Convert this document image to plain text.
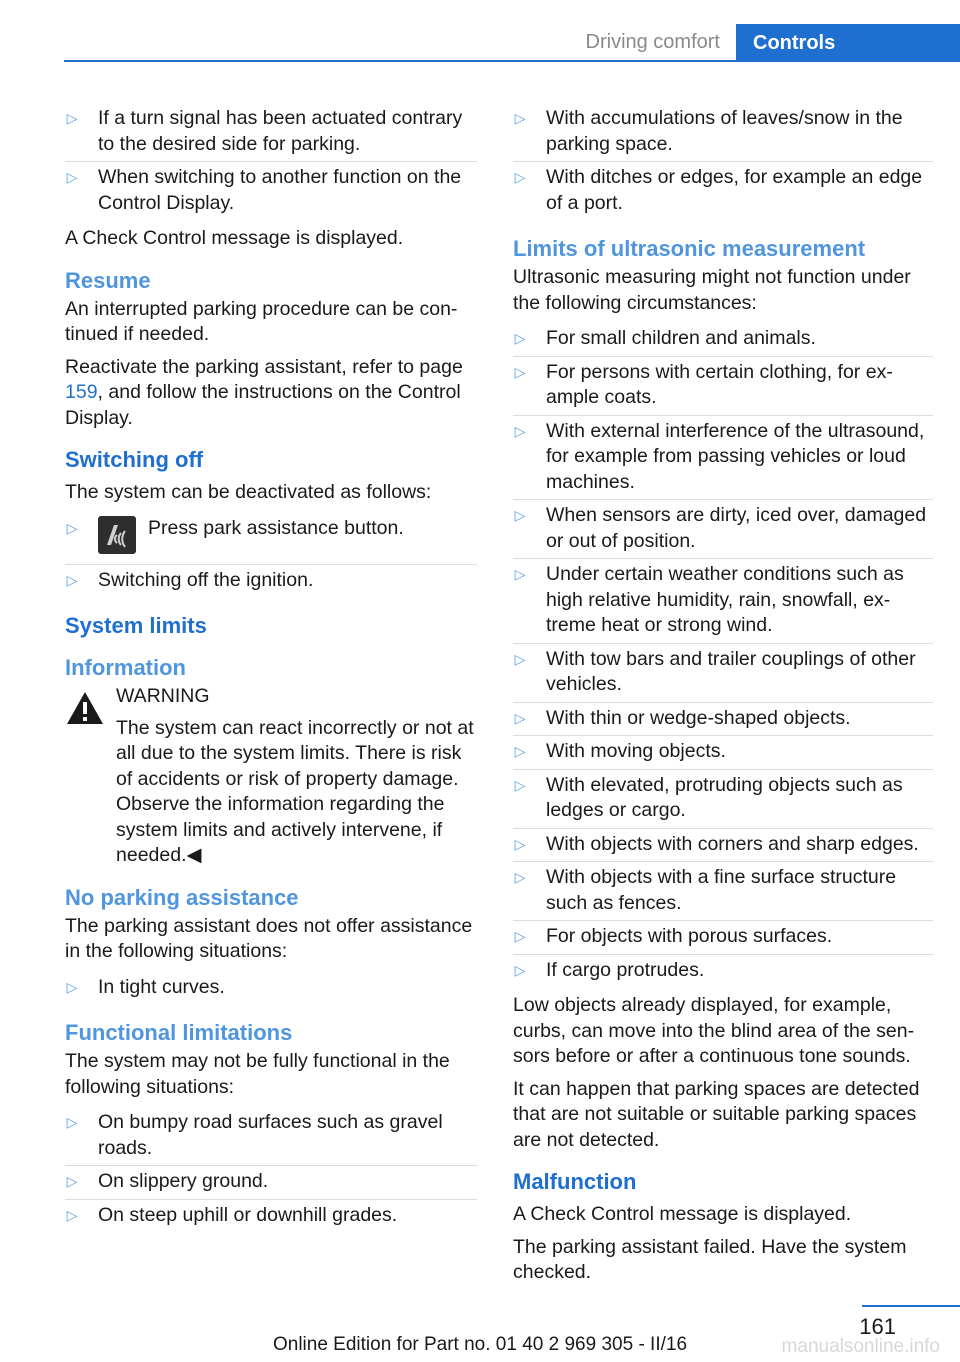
Driving comfort	Controls
▷ If a turn signal has been actuated contrary to the desired side for parking.
▷ When switching to another function on the Control Display.

A Check Control message is displayed.

Resume

An interrupted parking procedure can be continued if needed.

Reactivate the parking assistant, refer to page 159, and follow the instructions on the Control Display.

Switching off

The system can be deactivated as follows:

▷	Press park assistance button.
▷ Switching off the ignition.
System limits
Information
WARNING

The system can react incorrectly or not at all due to the system limits. There is risk of accidents or risk of property damage. Observe the information regarding the system limits and actively intervene, if needed.◀

No parking assistance

The parking assistant does not offer assistance in the following situations:

▷ In tight curves.
Functional limitations

The system may not be fully functional in the following situations:

▷ On bumpy road surfaces such as gravel roads.
▷ On slippery ground.
▷ On steep uphill or downhill grades.
▷ With accumulations of leaves/snow in the parking space.
▷ With ditches or edges, for example an edge of a port.
Limits of ultrasonic measurement

Ultrasonic measuring might not function under the following circumstances:

▷ For small children and animals.
▷ For persons with certain clothing, for example coats.
▷ With external interference of the ultrasound, for example from passing vehicles or loud machines.
▷ When sensors are dirty, iced over, damaged or out of position.
▷ Under certain weather conditions such as high relative humidity, rain, snowfall, extreme heat or strong wind.
▷ With tow bars and trailer couplings of other vehicles.
▷ With thin or wedge-shaped objects.
▷ With moving objects.
▷ With elevated, protruding objects such as ledges or cargo.
▷ With objects with corners and sharp edges.
▷ With objects with a fine surface structure such as fences.
▷ For objects with porous surfaces.
▷ If cargo protrudes.

Low objects already displayed, for example, curbs, can move into the blind area of the sensors before or after a continuous tone sounds.

It can happen that parking spaces are detected that are not suitable or suitable parking spaces are not detected.

Malfunction

A Check Control message is displayed.

The parking assistant failed. Have the system checked.

161
Online Edition for Part no. 01 40 2 969 305 - II/16	manualsonline.info
